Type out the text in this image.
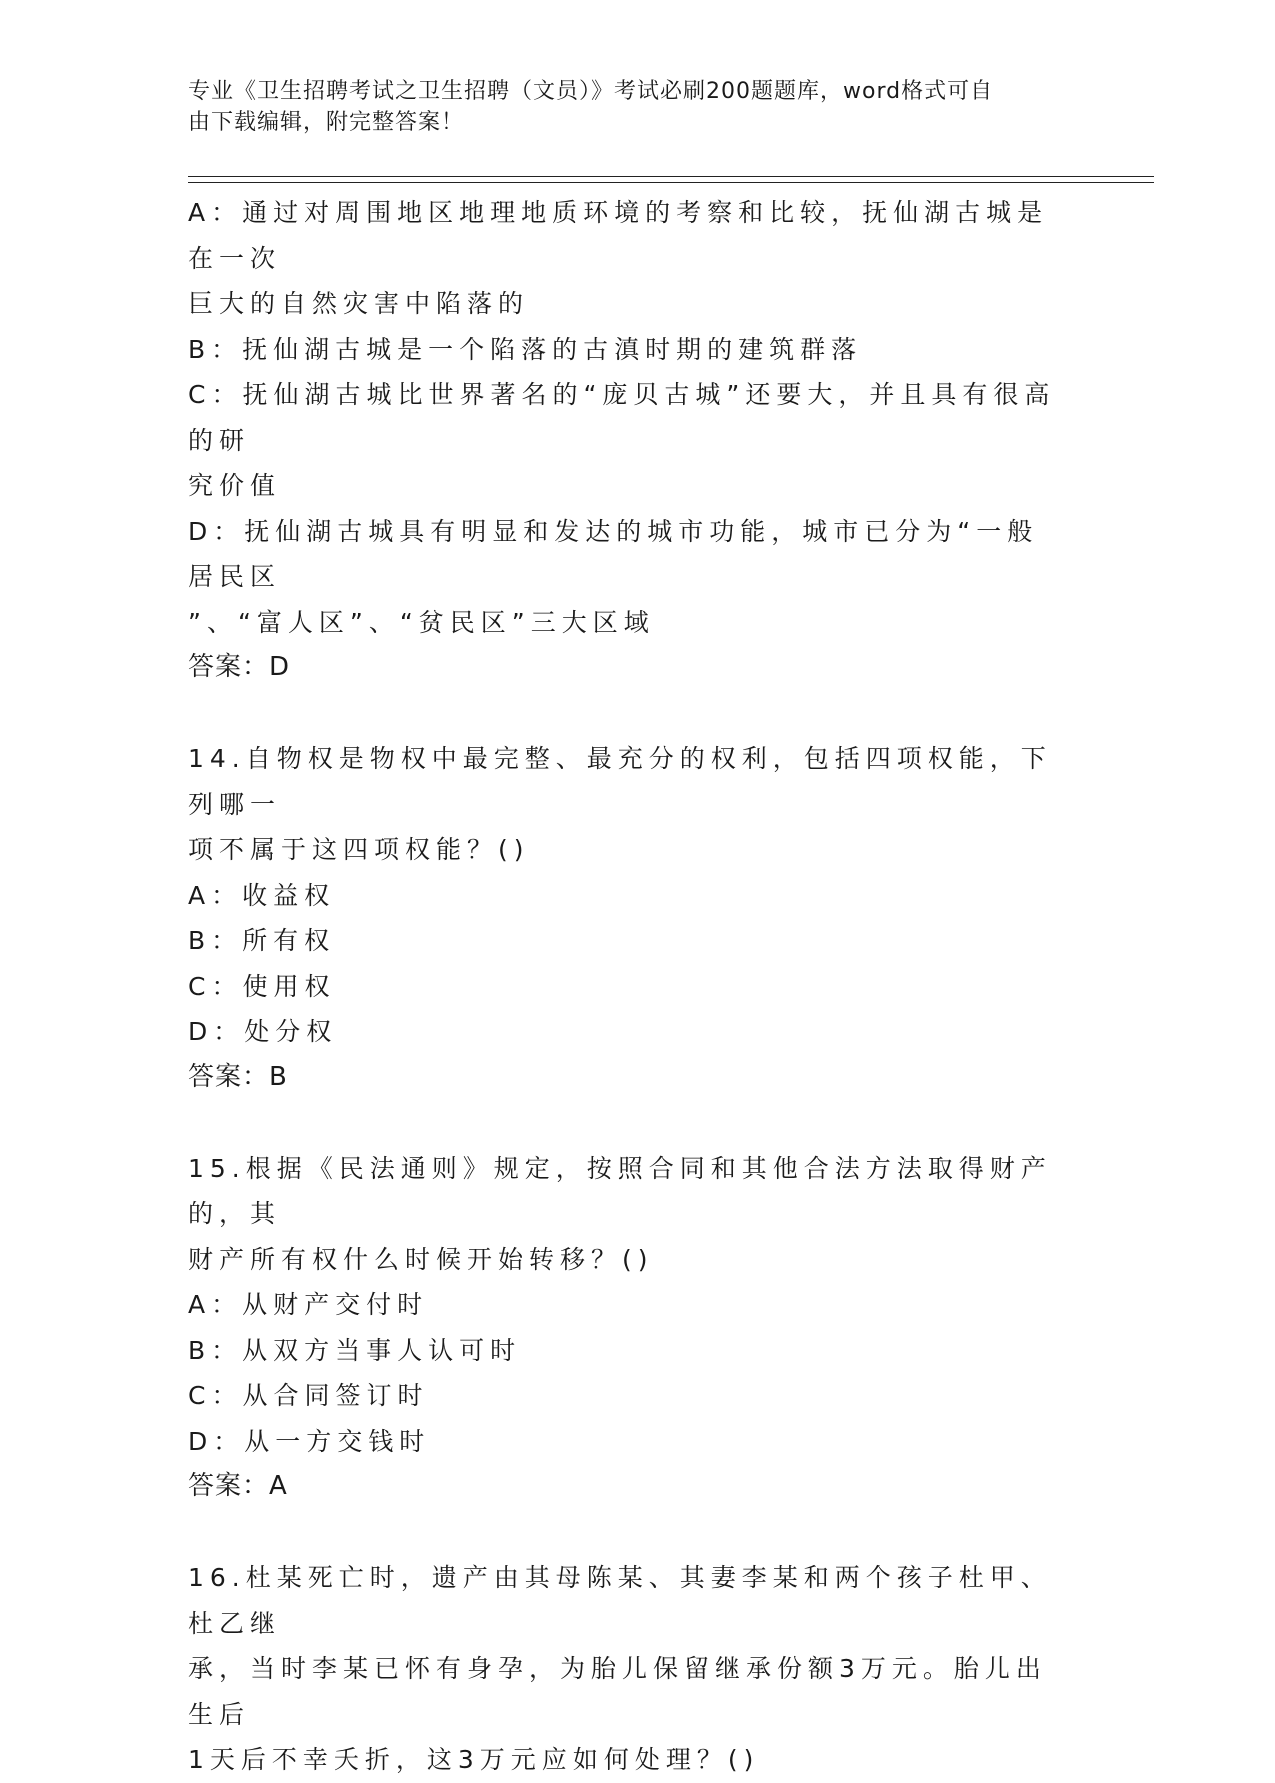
专业《卫生招聘考试之卫生招聘（文员）》考试必刷200题题库，word格式可自
由下载编辑，附完整答案！

A：通过对周围地区地理地质环境的考察和比较，抚仙湖古城是在一次

巨大的自然灾害中陷落的

B：抚仙湖古城是一个陷落的古滇时期的建筑群落

C：抚仙湖古城比世界著名的“庞贝古城”还要大，并且具有很高的研

究价值

D：抚仙湖古城具有明显和发达的城市功能，城市已分为“一般居民区

”、“富人区”、“贫民区”三大区域

答案：D

14.自物权是物权中最完整、最充分的权利，包括四项权能，下列哪一

项不属于这四项权能？()

A：收益权

B：所有权

C：使用权

D：处分权

答案：B

15.根据《民法通则》规定，按照合同和其他合法方法取得财产的，其

财产所有权什么时候开始转移？()

A：从财产交付时

B：从双方当事人认可时

C：从合同签订时

D：从一方交钱时

答案：A

16.杜某死亡时，遗产由其母陈某、其妻李某和两个孩子杜甲、杜乙继

承，当时李某已怀有身孕，为胎儿保留继承份额3万元。胎儿出生后

1天后不幸夭折，这3万元应如何处理？()
